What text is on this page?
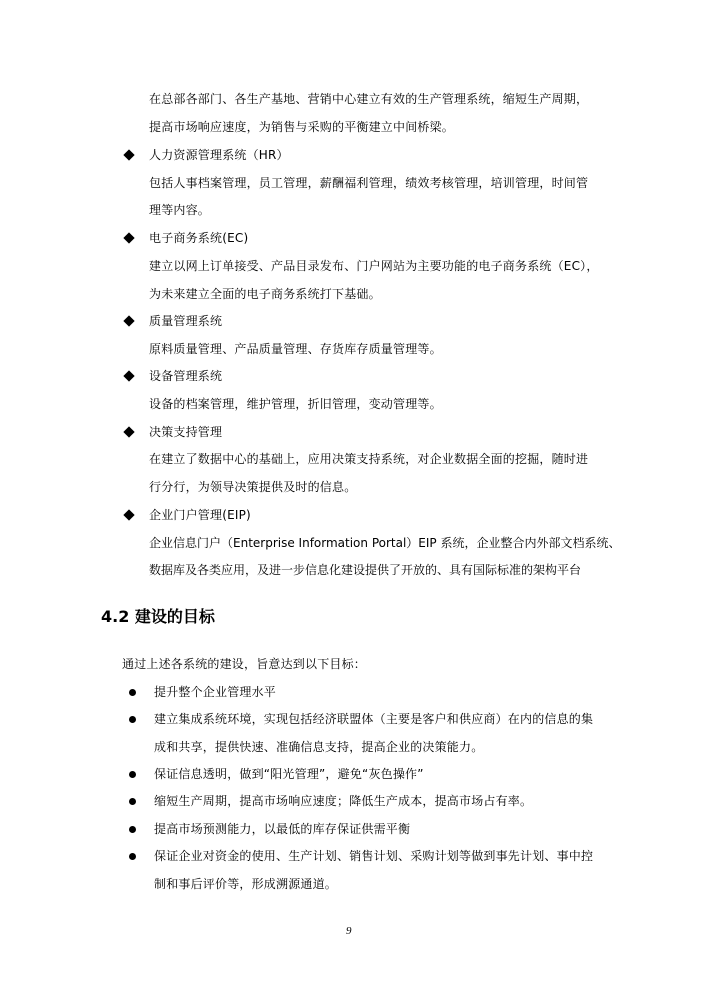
在总部各部门、各生产基地、营销中心建立有效的生产管理系统，缩短生产周期，
提高市场响应速度，为销售与采购的平衡建立中间桥梁。
人力资源管理系统（HR）
包括人事档案管理，员工管理，薪酬福利管理，绩效考核管理，培训管理，时间管
理等内容。
电子商务系统(EC)
建立以网上订单接受、产品目录发布、门户网站为主要功能的电子商务系统（EC），
为未来建立全面的电子商务系统打下基础。
质量管理系统
原料质量管理、产品质量管理、存货库存质量管理等。
设备管理系统
设备的档案管理，维护管理，折旧管理，变动管理等。
决策支持管理
在建立了数据中心的基础上，应用决策支持系统，对企业数据全面的挖掘，随时进
行分行，为领导决策提供及时的信息。
企业门户管理(EIP)
企业信息门户（Enterprise Information Portal）EIP 系统，企业整合内外部文档系统、
数据库及各类应用，及进一步信息化建设提供了开放的、具有国际标准的架构平台
4.2 建设的目标
通过上述各系统的建设，旨意达到以下目标：
提升整个企业管理水平
建立集成系统环境，实现包括经济联盟体（主要是客户和供应商）在内的信息的集
成和共享，提供快速、准确信息支持，提高企业的决策能力。
保证信息透明，做到“阳光管理”，避免“灰色操作”
缩短生产周期，提高市场响应速度；降低生产成本，提高市场占有率。
提高市场预测能力，以最低的库存保证供需平衡
保证企业对资金的使用、生产计划、销售计划、采购计划等做到事先计划、事中控
制和事后评价等，形成溯源通道。
9
